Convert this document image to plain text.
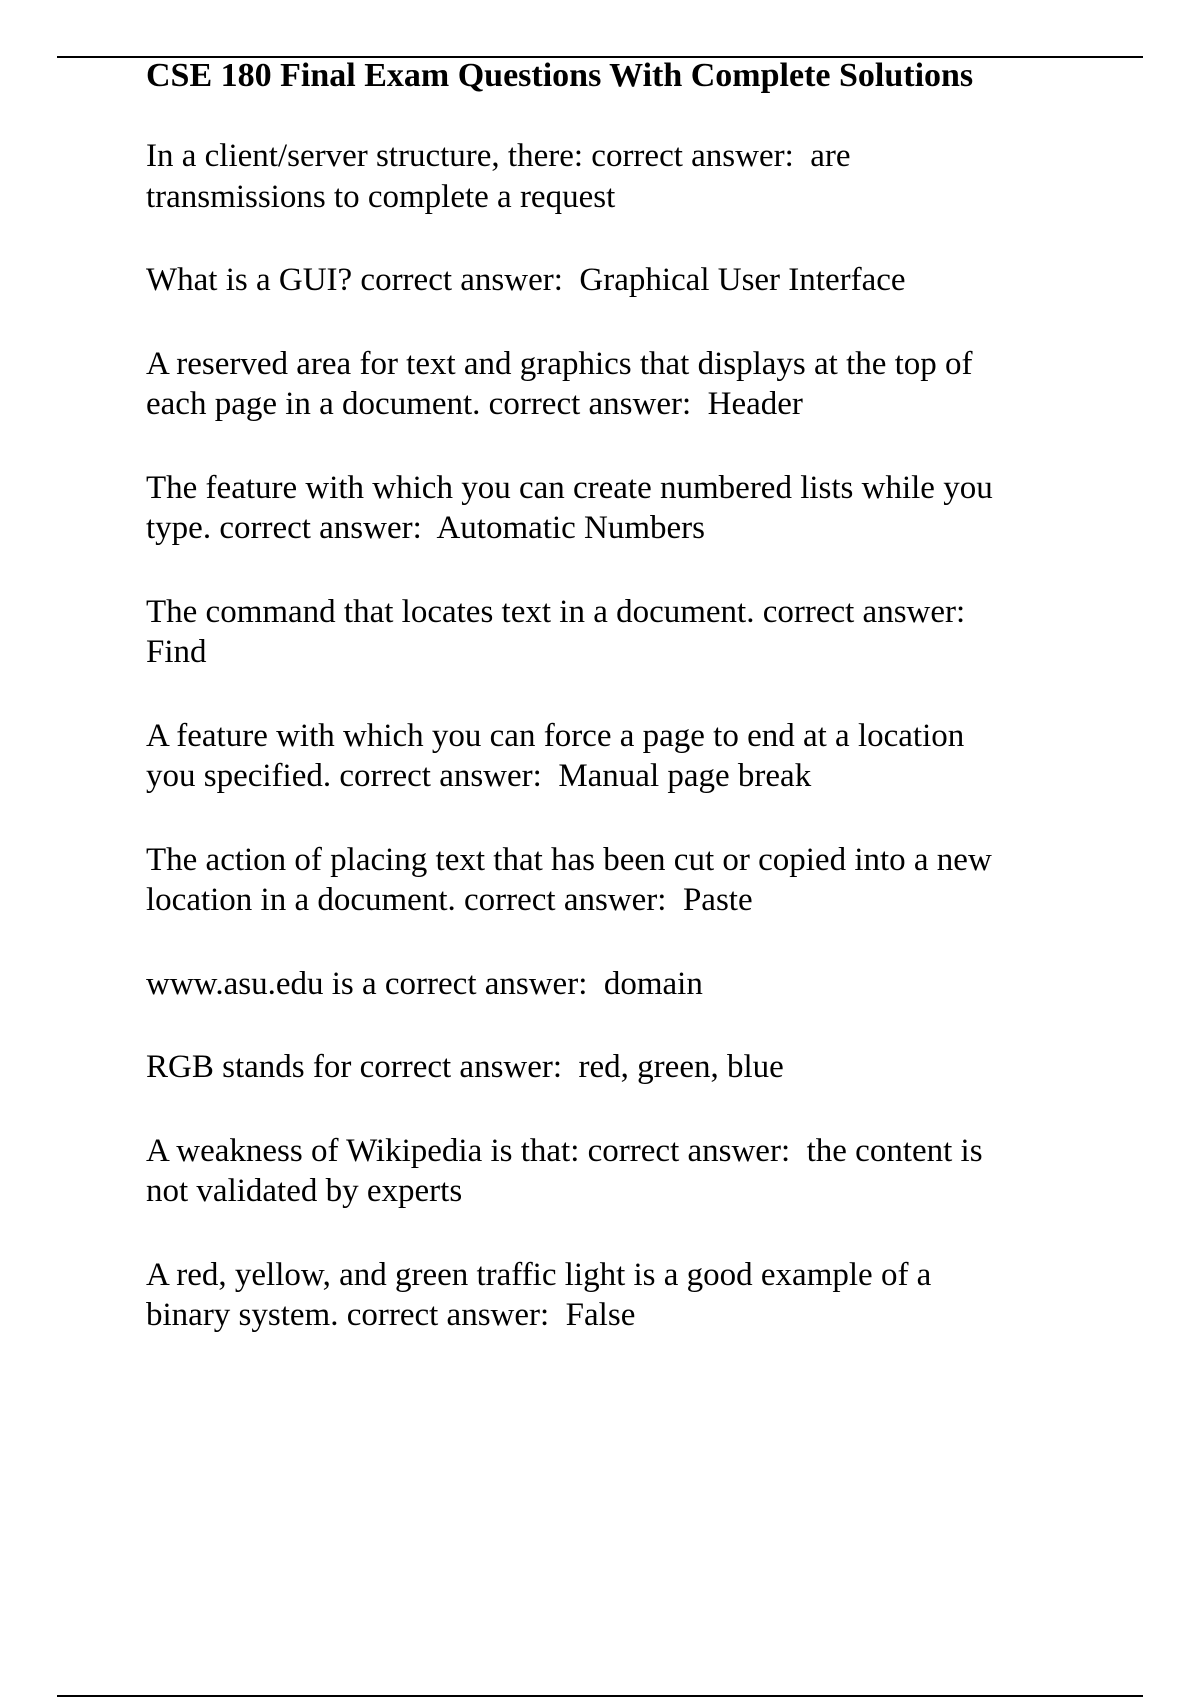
CSE 180 Final Exam Questions With Complete Solutions

In a client/server structure, there: correct answer:  are
transmissions to complete a request

What is a GUI? correct answer:  Graphical User Interface

A reserved area for text and graphics that displays at the top of
each page in a document. correct answer:  Header

The feature with which you can create numbered lists while you
type. correct answer:  Automatic Numbers

The command that locates text in a document. correct answer:
Find

A feature with which you can force a page to end at a location
you specified. correct answer:  Manual page break

The action of placing text that has been cut or copied into a new
location in a document. correct answer:  Paste

www.asu.edu is a correct answer:  domain

RGB stands for correct answer:  red, green, blue

A weakness of Wikipedia is that: correct answer:  the content is
not validated by experts

A red, yellow, and green traffic light is a good example of a
binary system. correct answer:  False
